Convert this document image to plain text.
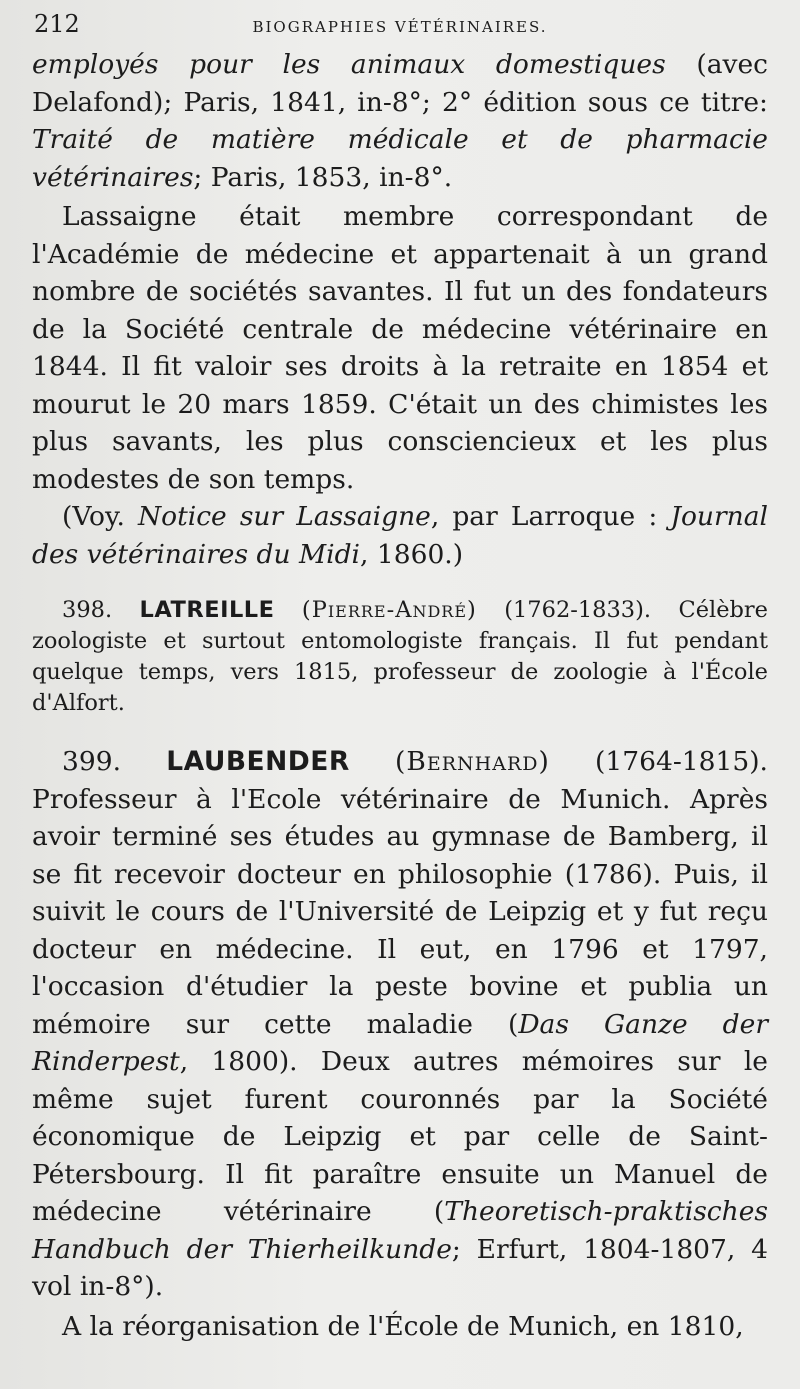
212	BIOGRAPHIES VÉTÉRINAIRES.

employés pour les animaux domestiques (avec Delafond); Paris, 1841, in-8°; 2° édition sous ce titre: Traité de matière médicale et de pharmacie vétérinaires; Paris, 1853, in-8°.

Lassaigne était membre correspondant de l'Académie de médecine et appartenait à un grand nombre de sociétés savantes. Il fut un des fondateurs de la Société centrale de médecine vétérinaire en 1844. Il fit valoir ses droits à la retraite en 1854 et mourut le 20 mars 1859. C'était un des chimistes les plus savants, les plus consciencieux et les plus modestes de son temps.

(Voy. Notice sur Lassaigne, par Larroque : Journal des vétérinaires du Midi, 1860.)

398. LATREILLE (Pierre-André) (1762-1833). Célèbre zoologiste et surtout entomologiste français. Il fut pendant quelque temps, vers 1815, professeur de zoologie à l'École d'Alfort.

399. LAUBENDER (Bernhard) (1764-1815). Professeur à l'Ecole vétérinaire de Munich. Après avoir terminé ses études au gymnase de Bamberg, il se fit recevoir docteur en philosophie (1786). Puis, il suivit le cours de l'Université de Leipzig et y fut reçu docteur en médecine. Il eut, en 1796 et 1797, l'occasion d'étudier la peste bovine et publia un mémoire sur cette maladie (Das Ganze der Rinderpest, 1800). Deux autres mémoires sur le même sujet furent couronnés par la Société économique de Leipzig et par celle de Saint-Pétersbourg. Il fit paraître ensuite un Manuel de médecine vétérinaire (Theoretisch-praktisches Handbuch der Thierheilkunde; Erfurt, 1804-1807, 4 vol in-8°).

A la réorganisation de l'École de Munich, en 1810,
